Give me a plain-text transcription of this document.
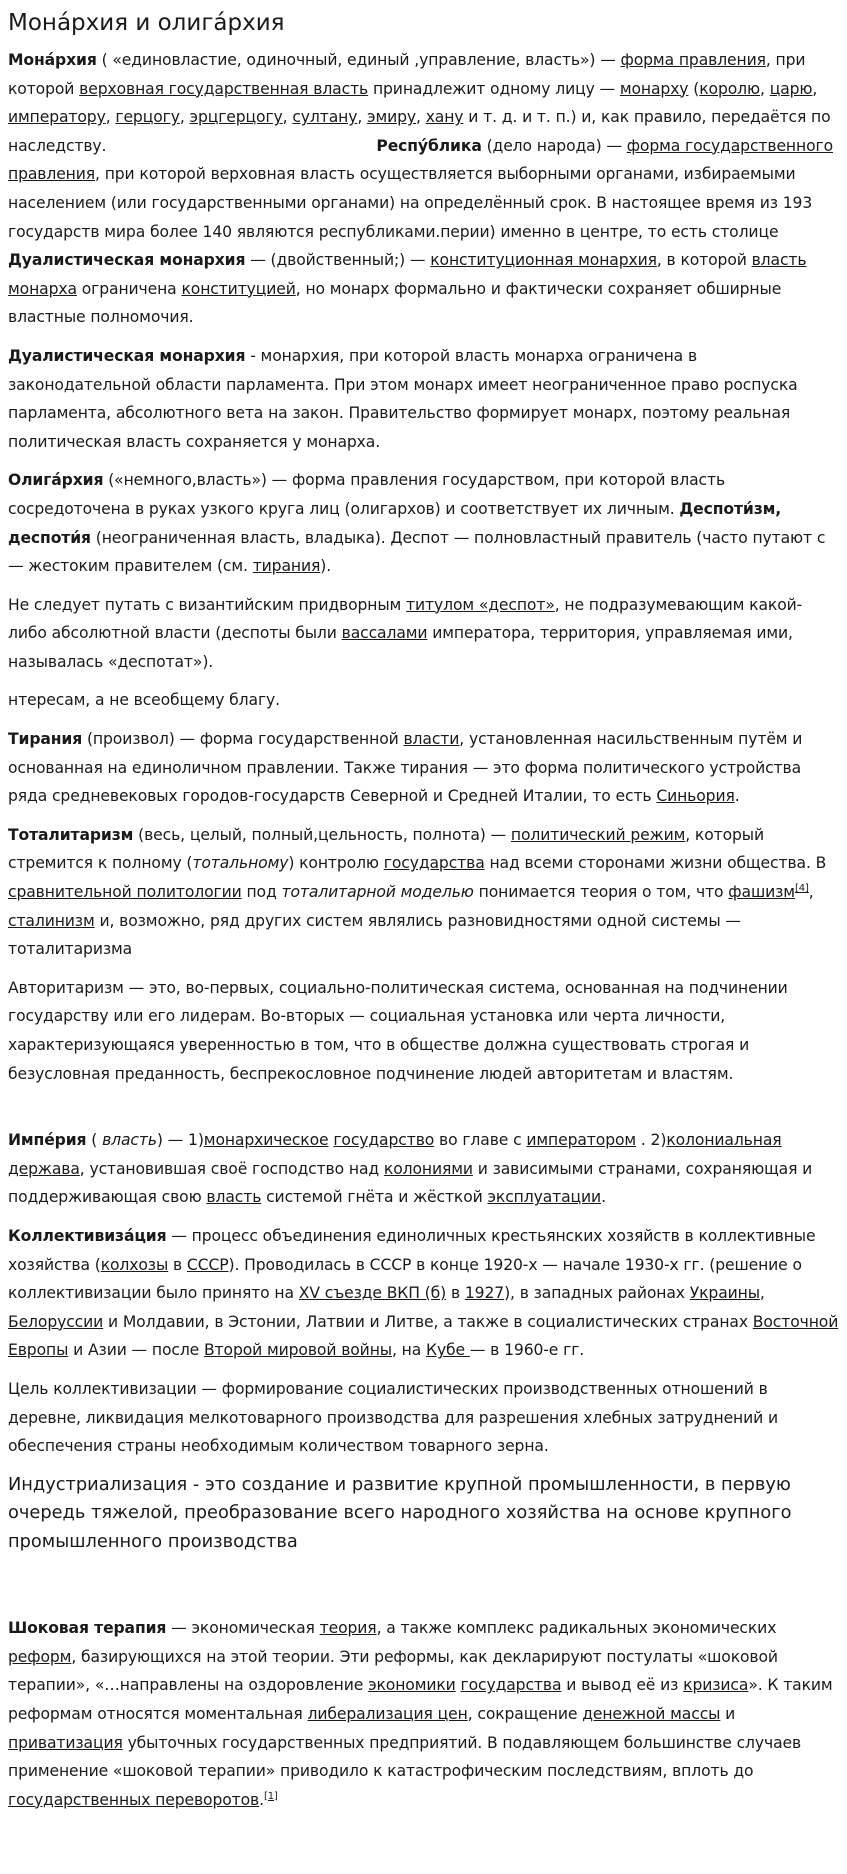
Мона́рхия и олига́рхия

Мона́рхия ( «единовластие, одиночный, единый ,управление, власть») — форма правления, при которой верховная государственная власть принадлежит одному лицу — монарху (королю, царю, императору, герцогу, эрцгерцогу, султану, эмиру, хану и т. д. и т. п.) и, как правило, передаётся по наследству.	Респу́блика (дело народа) — форма государственного правления, при которой верховная власть осуществляется выборными органами, избираемыми населением (или государственными органами) на определённый срок. В настоящее время из 193 государств мира более 140 являются республиками.перии) именно в центре, то есть столице Дуалистическая монархия — (двойственный;) — конституционная монархия, в которой власть монарха ограничена конституцией, но монарх формально и фактически сохраняет обширные властные полномочия.

Дуалистическая монархия - монархия, при которой власть монарха ограничена в законодательной области парламента. При этом монарх имеет неограниченное право роспуска парламента, абсолютного вета на закон. Правительство формирует монарх, поэтому реальная политическая власть сохраняется у монарха.

Олига́рхия («немного,власть») — форма правления государством, при которой власть сосредоточена в руках узкого круга лиц (олигархов) и соответствует их личным. Деспоти́зм, деспоти́я (неограниченная власть, владыка). Деспот — полновластный правитель (часто путают с — жестоким правителем (см. тирания).

Не следует путать с византийским придворным титулом «деспот», не подразумевающим какой-либо абсолютной власти (деспоты были вассалами императора, территория, управляемая ими, называлась «деспотат»).

нтересам, а не всеобщему благу.

Тирания (произвол) — форма государственной власти, установленная насильственным путём и основанная на единоличном правлении. Также тирания — это форма политического устройства ряда средневековых городов-государств Северной и Средней Италии, то есть Синьория.

Тоталитаризм (весь, целый, полный,цельность, полнота) — политический режим, который стремится к полному (тотальному) контролю государства над всеми сторонами жизни общества. В сравнительной политологии под тоталитарной моделью понимается теория о том, что фашизм[4], сталинизм и, возможно, ряд других систем являлись разновидностями одной системы — тоталитаризма

Авторитаризм — это, во-первых, социально-политическая система, основанная на подчинении государству или его лидерам. Во-вторых — социальная установка или черта личности, характеризующаяся уверенностью в том, что в обществе должна существовать строгая и безусловная преданность, беспрекословное подчинение людей авторитетам и властям.

Импе́рия ( власть) — 1)монархическое государство во главе с императором . 2)колониальная держава, установившая своё господство над колониями и зависимыми странами, сохраняющая и поддерживающая свою власть системой гнёта и жёсткой эксплуатации.

Коллективиза́ция — процесс объединения единоличных крестьянских хозяйств в коллективные хозяйства (колхозы в СССР). Проводилась в СССР в конце 1920-х — начале 1930-х гг. (решение о коллективизации было принято на XV съезде ВКП (б) в 1927), в западных районах Украины, Белоруссии и Молдавии, в Эстонии, Латвии и Литве, а также в социалистических странах Восточной Европы и Азии — после Второй мировой войны, на Кубе — в 1960-е гг.

Цель коллективизации — формирование социалистических производственных отношений в деревне, ликвидация мелкотоварного производства для разрешения хлебных затруднений и обеспечения страны необходимым количеством товарного зерна.

Индустриализация - это создание и развитие крупной промышленности, в первую очередь тяжелой, преобразование всего народного хозяйства на основе крупного промышленного производства

Шоковая терапия — экономическая теория, а также комплекс радикальных экономических реформ, базирующихся на этой теории. Эти реформы, как декларируют постулаты «шоковой терапии», «…направлены на оздоровление экономики государства и вывод её из кризиса». К таким реформам относятся моментальная либерализация цен, сокращение денежной массы и приватизация убыточных государственных предприятий. В подавляющем большинстве случаев применение «шоковой терапии» приводило к катастрофическим последствиям, вплоть до государственных переворотов.[1]
